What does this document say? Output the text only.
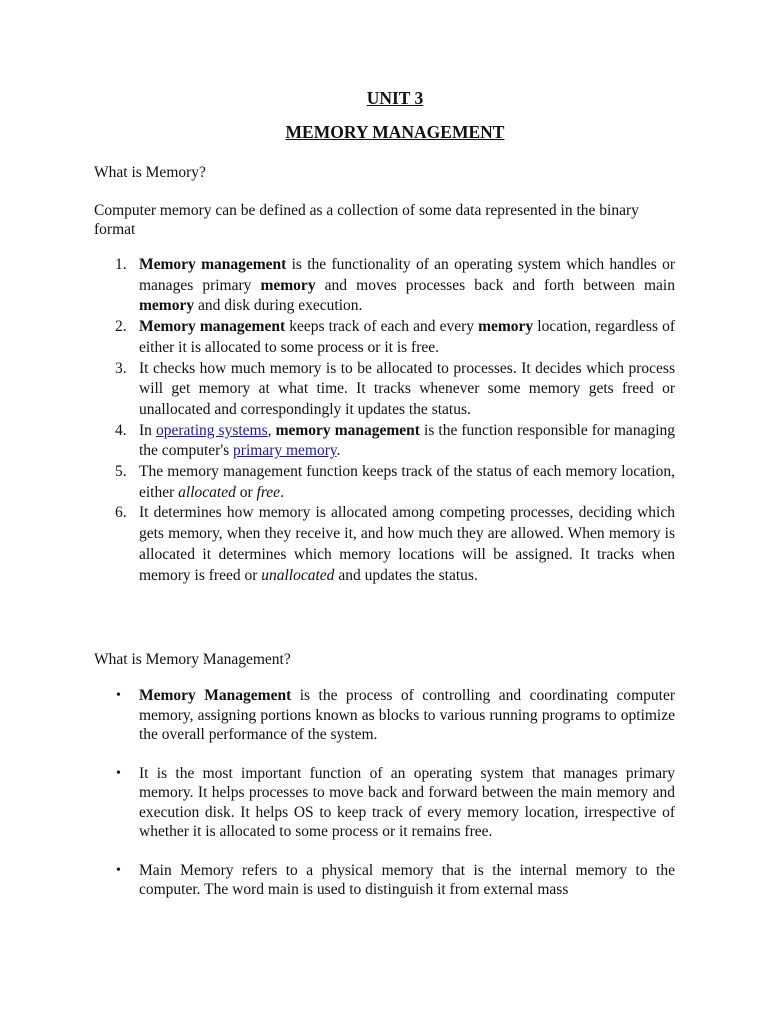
UNIT 3
MEMORY MANAGEMENT

What is Memory?

Computer memory can be defined as a collection of some data represented in the binary format

1. Memory management is the functionality of an operating system which handles or manages primary memory and moves processes back and forth between main memory and disk during execution.
2. Memory management keeps track of each and every memory location, regardless of either it is allocated to some process or it is free.
3. It checks how much memory is to be allocated to processes. It decides which process will get memory at what time. It tracks whenever some memory gets freed or unallocated and correspondingly it updates the status.
4. In operating systems, memory management is the function responsible for managing the computer's primary memory.
5. The memory management function keeps track of the status of each memory location, either allocated or free.
6. It determines how memory is allocated among competing processes, deciding which gets memory, when they receive it, and how much they are allowed. When memory is allocated it determines which memory locations will be assigned. It tracks when memory is freed or unallocated and updates the status.

What is Memory Management?

• Memory Management is the process of controlling and coordinating computer memory, assigning portions known as blocks to various running programs to optimize the overall performance of the system.
• It is the most important function of an operating system that manages primary memory. It helps processes to move back and forward between the main memory and execution disk. It helps OS to keep track of every memory location, irrespective of whether it is allocated to some process or it remains free.
• Main Memory refers to a physical memory that is the internal memory to the computer. The word main is used to distinguish it from external mass
